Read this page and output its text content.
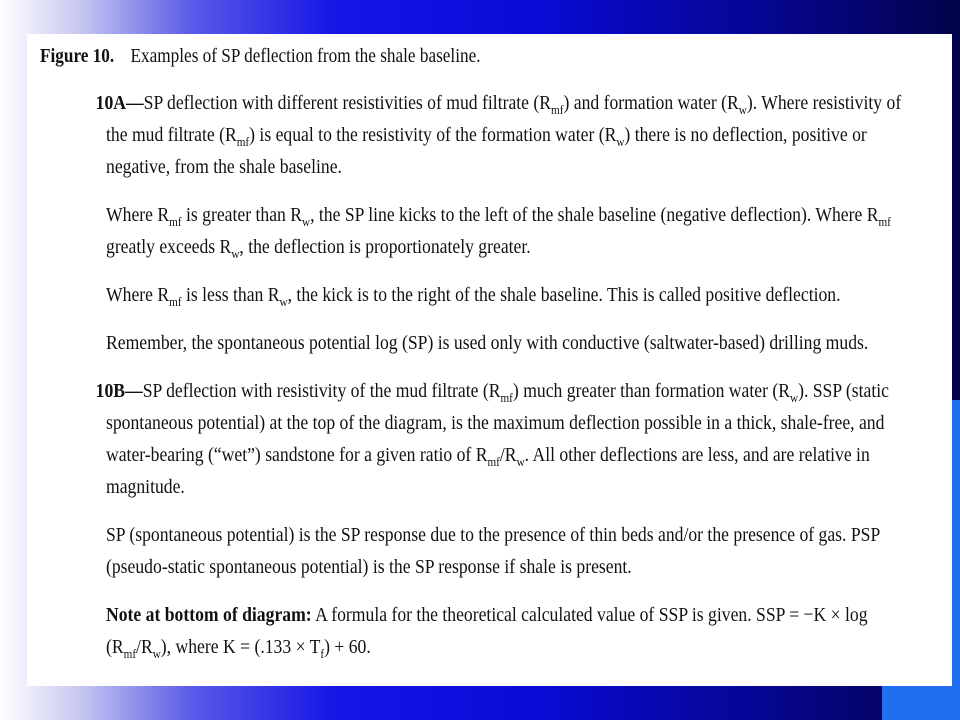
Figure 10. Examples of SP deflection from the shale baseline.
10A—SP deflection with different resistivities of mud filtrate $(R_{mf})$ and formation water $(R_w)$. Where resistivity of the mud filtrate $(R_{mf})$ is equal to the resistivity of the formation water $(R_w)$ there is no deflection, positive or negative, from the shale baseline.
Where $R_{mf}$ is greater than $R_w$, the SP line kicks to the left of the shale baseline (negative deflection). Where $R_{mf}$ greatly exceeds $R_w$, the deflection is proportionately greater.
Where $R_{mf}$ is less than $R_w$, the kick is to the right of the shale baseline. This is called positive deflection.
Remember, the spontaneous potential log (SP) is used only with conductive (saltwater-based) drilling muds.
10B—SP deflection with resistivity of the mud filtrate $(R_{mf})$ much greater than formation water $(R_w)$. SSP (static spontaneous potential) at the top of the diagram, is the maximum deflection possible in a thick, shale-free, and water-bearing (“wet”) sandstone for a given ratio of $R_{mf}/R_w$. All other deflections are less, and are relative in magnitude.
SP (spontaneous potential) is the SP response due to the presence of thin beds and/or the presence of gas. PSP (pseudo-static spontaneous potential) is the SP response if shale is present.
Note at bottom of diagram: A formula for the theoretical calculated value of SSP is given. SSP = $-K \times \log (R_{mf}/R_w)$, where $K = (.133 \times T_f) + 60$.
